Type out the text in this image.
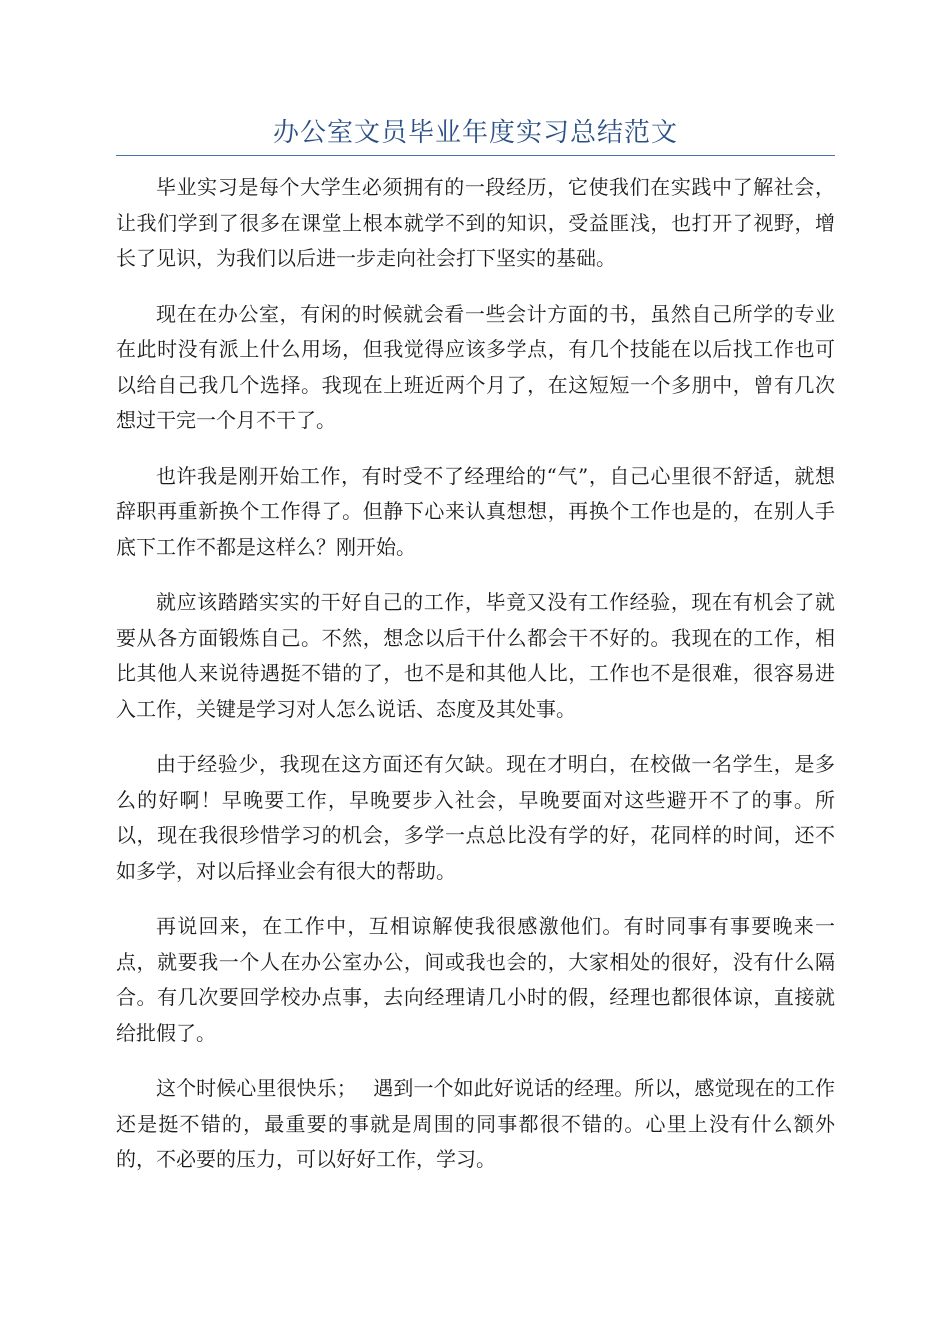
办公室文员毕业年度实习总结范文

毕业实习是每个大学生必须拥有的一段经历，它使我们在实践中了解社会，让我们学到了很多在课堂上根本就学不到的知识，受益匪浅，也打开了视野，增长了见识，为我们以后进一步走向社会打下坚实的基础。

现在在办公室，有闲的时候就会看一些会计方面的书，虽然自己所学的专业在此时没有派上什么用场，但我觉得应该多学点，有几个技能在以后找工作也可以给自己我几个选择。我现在上班近两个月了，在这短短一个多朋中，曾有几次想过干完一个月不干了。

也许我是刚开始工作，有时受不了经理给的“气”，自己心里很不舒适，就想辞职再重新换个工作得了。但静下心来认真想想，再换个工作也是的，在别人手底下工作不都是这样么？刚开始。

就应该踏踏实实的干好自己的工作，毕竟又没有工作经验，现在有机会了就要从各方面锻炼自己。不然，想念以后干什么都会干不好的。我现在的工作，相比其他人来说待遇挺不错的了，也不是和其他人比，工作也不是很难，很容易进入工作，关键是学习对人怎么说话、态度及其处事。

由于经验少，我现在这方面还有欠缺。现在才明白，在校做一名学生，是多么的好啊！早晚要工作，早晚要步入社会，早晚要面对这些避开不了的事。所以，现在我很珍惜学习的机会，多学一点总比没有学的好，花同样的时间，还不如多学，对以后择业会有很大的帮助。

再说回来，在工作中，互相谅解使我很感激他们。有时同事有事要晚来一点，就要我一个人在办公室办公，间或我也会的，大家相处的很好，没有什么隔合。有几次要回学校办点事，去向经理请几小时的假，经理也都很体谅，直接就给批假了。

这个时候心里很快乐；　 遇到一个如此好说话的经理。所以，感觉现在的工作还是挺不错的，最重要的事就是周围的同事都很不错的。心里上没有什么额外的，不必要的压力，可以好好工作，学习。
